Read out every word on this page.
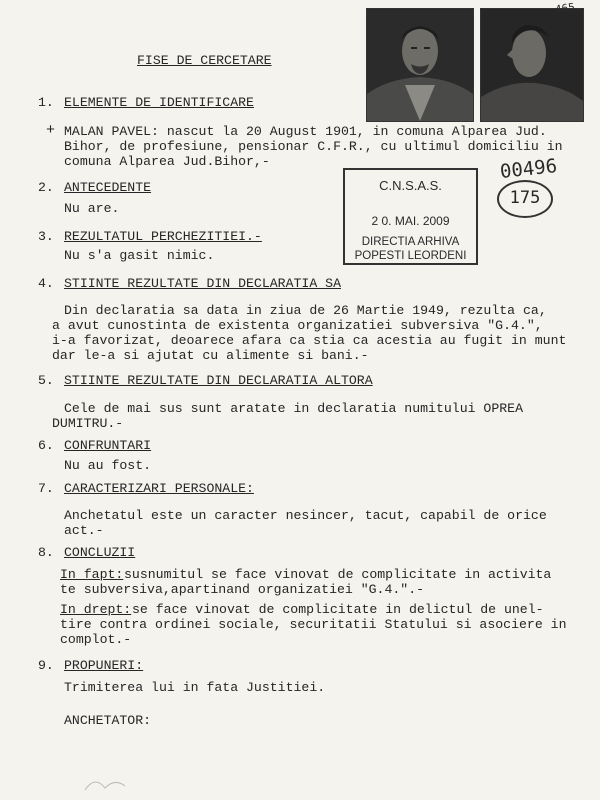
465
FISE DE CERCETARE
1. ELEMENTE DE IDENTIFICARE
+ MALAN PAVEL: nascut la 20 August 1901, in comuna Alparea Jud.
Bihor, de profesiune, pensionar C.F.R., cu ultimul domiciliu in
comuna Alparea Jud.Bihor,-
2. ANTECEDENTE
Nu are.
3. REZULTATUL PERCHEZITIEI.-
Nu s'a gasit nimic.
C.N.S.A.S.
2 0. MAI. 2009
DIRECTIA ARHIVA
POPESTI LEORDENI
00496
175
4. STIINTE REZULTATE DIN DECLARATIA SA
Din declaratia sa data in ziua de 26 Martie 1949, rezulta ca,
a avut cunostinta de existenta organizatiei subversiva "G.4.",
i-a favorizat, deoarece afara ca stia ca acestia au fugit in munt
dar le-a si ajutat cu alimente si bani.-
5. STIINTE REZULTATE DIN DECLARATIA ALTORA
Cele de mai sus sunt aratate in declaratia numitului OPREA
DUMITRU.-
6. CONFRUNTARI
Nu au fost.
7. CARACTERIZARI PERSONALE:
Anchetatul este un caracter nesincer, tacut, capabil de orice
act.-
8. CONCLUZII
In fapt: susnumitul se face vinovat de complicitate in activita
te subversiva,apartinand organizatiei "G.4.".-
In drept: se face vinovat de complicitate in delictul de unel-
tire contra ordinei sociale, securitatii Statului si asociere in
complot.-
9. PROPUNERI:
Trimiterea lui in fata Justitiei.
ANCHETATOR:
